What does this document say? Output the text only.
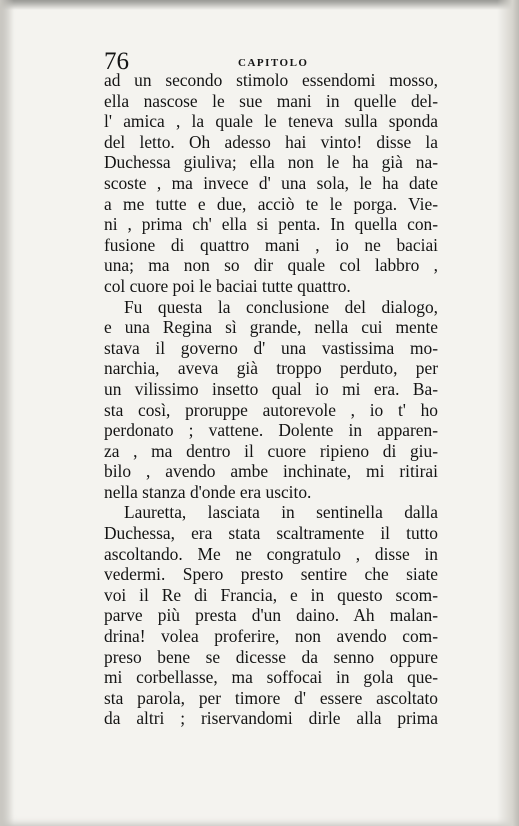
76	CAPITOLO
ad un secondo stimolo essendomi mosso,
ella nascose le sue mani in quelle del-
l' amica , la quale le teneva sulla sponda
del letto. Oh adesso hai vinto! disse la
Duchessa giuliva; ella non le ha già na-
scoste , ma invece d' una sola, le ha date
a me tutte e due, acciò te le porga. Vie-
ni , prima ch' ella si penta. In quella con-
fusione di quattro mani , io ne baciai
una; ma non so dir quale col labbro ,
col cuore poi le baciai tutte quattro.
Fu questa la conclusione del dialogo,
e una Regina sì grande, nella cui mente
stava il governo d' una vastissima mo-
narchia, aveva già troppo perduto, per
un vilissimo insetto qual io mi era. Ba-
sta così, proruppe autorevole , io t' ho
perdonato ; vattene. Dolente in apparen-
za , ma dentro il cuore ripieno di giu-
bilo , avendo ambe inchinate, mi ritirai
nella stanza d'onde era uscito.
Lauretta, lasciata in sentinella dalla
Duchessa, era stata scaltramente il tutto
ascoltando. Me ne congratulo , disse in
vedermi. Spero presto sentire che siate
voi il Re di Francia, e in questo scom-
parve più presta d'un daino. Ah malan-
drina! volea proferire, non avendo com-
preso bene se dicesse da senno oppure
mi corbellasse, ma soffocai in gola que-
sta parola, per timore d' essere ascoltato
da altri ; riservandomi dirle alla prima
